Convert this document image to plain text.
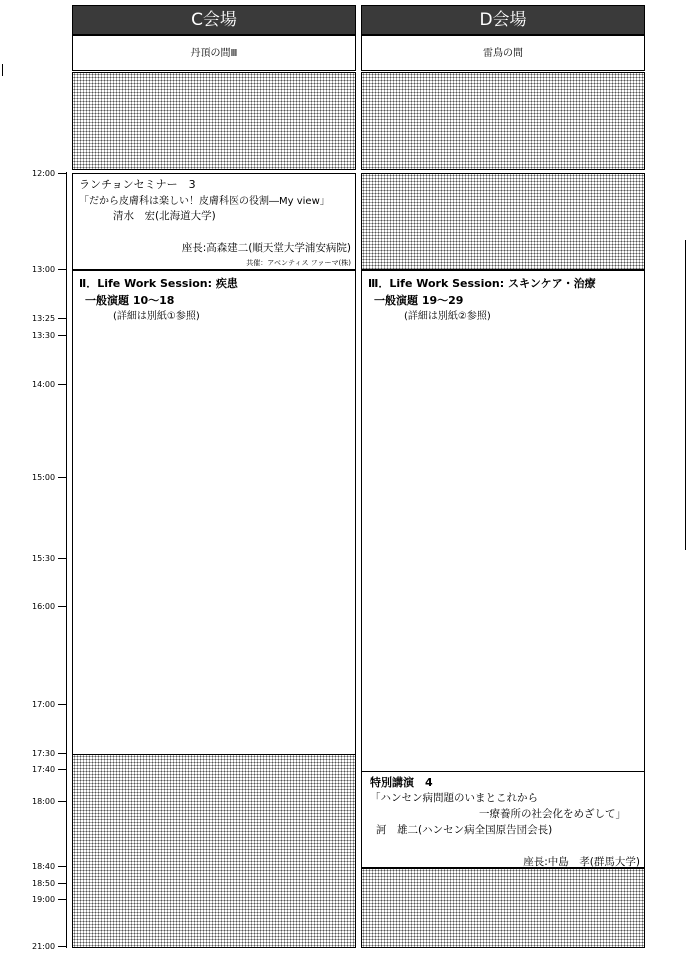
C会場	D会場
丹頂の間Ⅲ	雷鳥の間
12:00
13:00
13:25
13:30
14:00
15:00
15:30
16:00
17:00
17:30
17:40
18:00
18:40
18:50
19:00
21:00
ランチョンセミナー　3
「だから皮膚科は楽しい！皮膚科医の役割―My view」
清水　宏(北海道大学)
座長:高森建二(順天堂大学浦安病院)
共催：アベンティス ファーマ(株)
Ⅱ．Life Work Session: 疾患
一般演題 10～18
(詳細は別紙①参照)
Ⅲ．Life Work Session: スキンケア・治療
一般演題 19～29
(詳細は別紙②参照)
特別講演　4
「ハンセン病問題のいまとこれから
一療養所の社会化をめざして」
訶　雄二(ハンセン病全国原告団会長)
座長:中島　孝(群馬大学)
